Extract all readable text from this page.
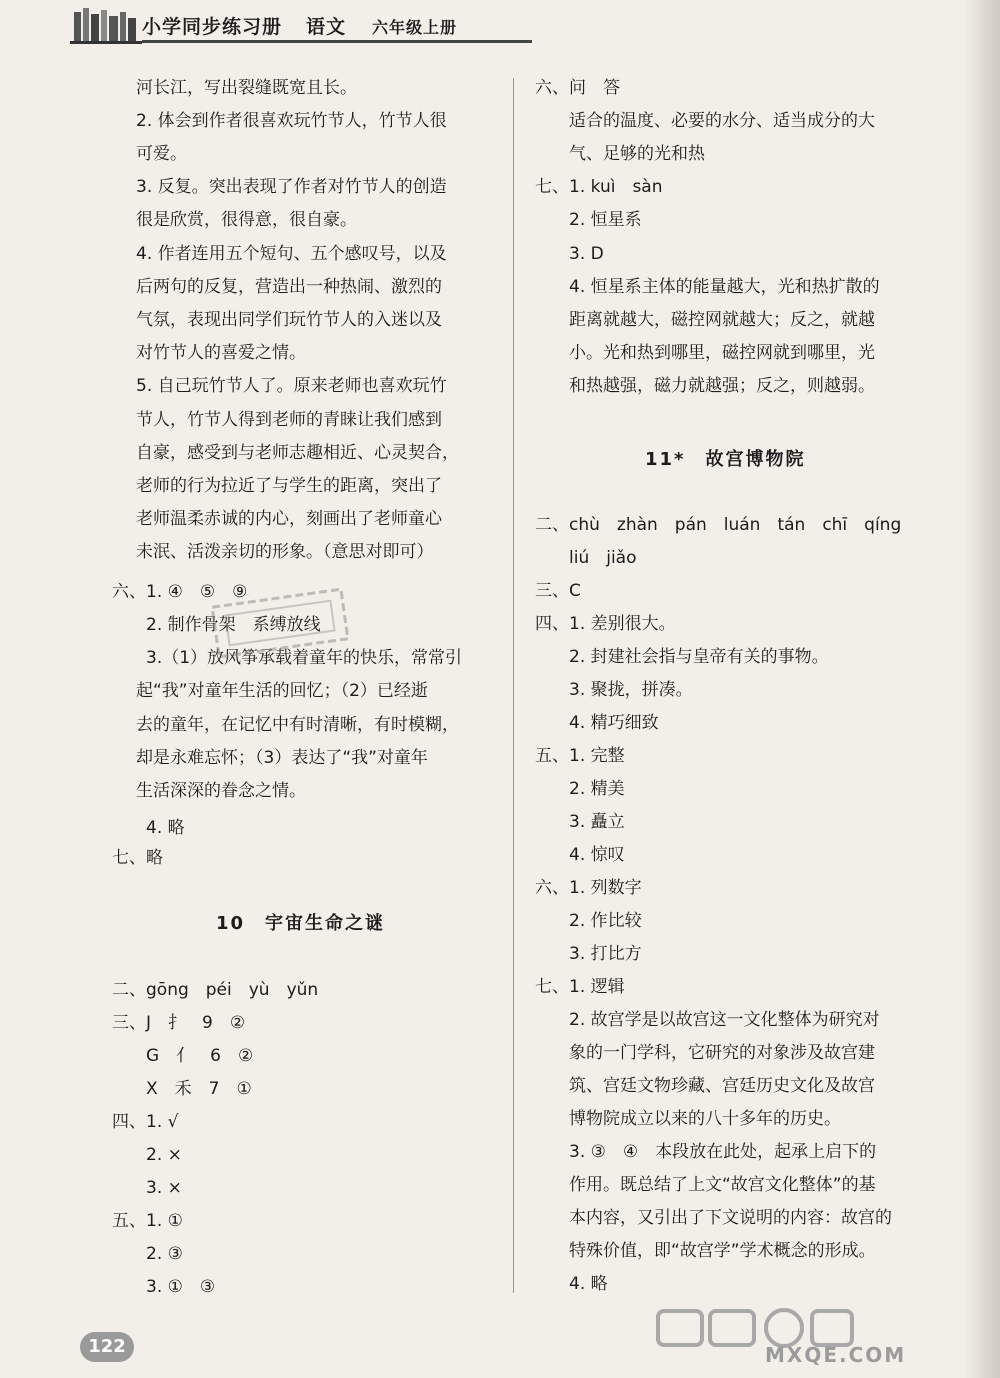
小学同步练习册 语文 六年级上册
河长江，写出裂缝既宽且长。
2. 体会到作者很喜欢玩竹节人，竹节人很
可爱。
3. 反复。突出表现了作者对竹节人的创造
很是欣赏，很得意，很自豪。
4. 作者连用五个短句、五个感叹号，以及
后两句的反复，营造出一种热闹、激烈的
气氛，表现出同学们玩竹节人的入迷以及
对竹节人的喜爱之情。
5. 自己玩竹节人了。原来老师也喜欢玩竹
节人，竹节人得到老师的青睐让我们感到
自豪，感受到与老师志趣相近、心灵契合，
老师的行为拉近了与学生的距离，突出了
老师温柔赤诚的内心，刻画出了老师童心
未泯、活泼亲切的形象。（意思对即可）
六、1. ④　⑤　⑨
2. 制作骨架　系缚放线
3.（1）放风筝承载着童年的快乐，常常引
起“我”对童年生活的回忆；（2）已经逝
去的童年，在记忆中有时清晰，有时模糊，
却是永难忘怀；（3）表达了“我”对童年
生活深深的眷念之情。
4. 略
七、略
10　宇宙生命之谜
二、gōng　péi　yù　yǔn
三、J　扌　9　②
G　亻　6　②
X　禾　7　①
四、1. √
2. ×
3. ×
五、1. ①
2. ③
3. ①　③
六、问　答
适合的温度、必要的水分、适当成分的大
气、足够的光和热
七、1. kuì　sàn
2. 恒星系
3. D
4. 恒星系主体的能量越大，光和热扩散的
距离就越大，磁控网就越大；反之，就越
小。光和热到哪里，磁控网就到哪里，光
和热越强，磁力就越强；反之，则越弱。
11*　故宫博物院
二、chù　zhàn　pán　luán　tán　chī　qíng
liú　jiǎo
三、C
四、1. 差别很大。
2. 封建社会指与皇帝有关的事物。
3. 聚拢，拼凑。
4. 精巧细致
五、1. 完整
2. 精美
3. 矗立
4. 惊叹
六、1. 列数字
2. 作比较
3. 打比方
七、1. 逻辑
2. 故宫学是以故宫这一文化整体为研究对
象的一门学科，它研究的对象涉及故宫建
筑、宫廷文物珍藏、宫廷历史文化及故宫
博物院成立以来的八十多年的历史。
3. ③　④　本段放在此处，起承上启下的
作用。既总结了上文“故宫文化整体”的基
本内容，又引出了下文说明的内容：故宫的
特殊价值，即“故宫学”学术概念的形成。
4. 略
122	MXQE.COM
